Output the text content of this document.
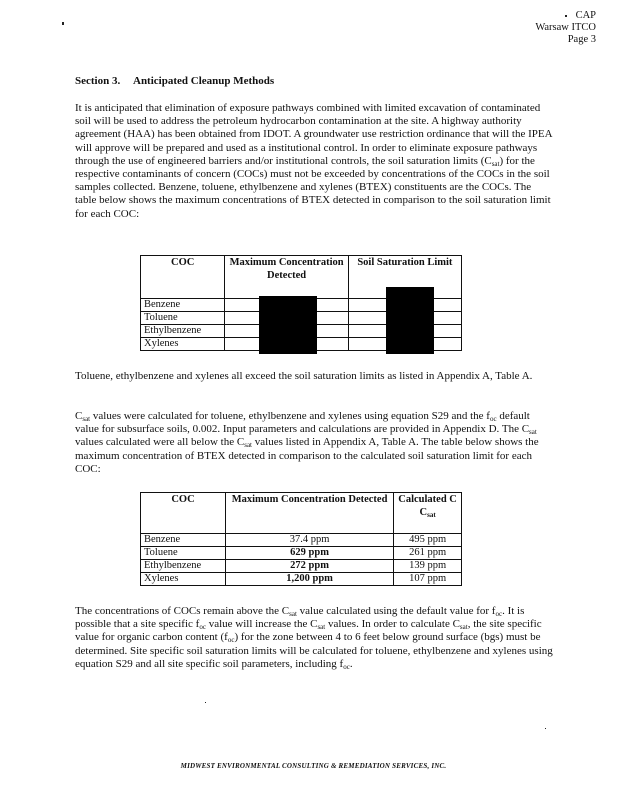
CAP
Warsaw ITCO
Page 3
Section 3. Anticipated Cleanup Methods

It is anticipated that elimination of exposure pathways combined with limited excavation of contaminated soil will be used to address the petroleum hydrocarbon contamination at the site. A highway authority agreement (HAA) has been obtained from IDOT. A groundwater use restriction ordinance that will the IPEA will approve will be prepared and used as a institutional control. In order to eliminate exposure pathways through the use of engineered barriers and/or institutional controls, the soil saturation limits $(C_{sat})$ for the respective contaminants of concern (COCs) must not be exceeded by concentrations of the COCs in the soil samples collected. Benzene, toluene, ethylbenzene and xylenes (BTEX) constituents are the COCs. The table below shows the maximum concentrations of BTEX detected in comparison to the soil saturation limit for each COC:

COC	Maximum Concentration Detected	Soil Saturation Limit
Benzene		
Toluene		
Ethylbenzene		
Xylenes		

Toluene, ethylbenzene and xylenes all exceed the soil saturation limits as listed in Appendix A, Table A.

$C_{sat}$ values were calculated for toluene, ethylbenzene and xylenes using equation S29 and the $f_{oc}$ default value for subsurface soils, 0.002. Input parameters and calculations are provided in Appendix D. The $C_{sat}$ values calculated were all below the $C_{sat}$ values listed in Appendix A, Table A. The table below shows the maximum concentration of BTEX detected in comparison to the calculated soil saturation limit for each COC:

COC	Maximum Concentration Detected	Calculated C
$C_{sat}$
Benzene	37.4 ppm	495 ppm
Toluene	629 ppm	261 ppm
Ethylbenzene	272 ppm	139 ppm
Xylenes	1,200 ppm	107 ppm

The concentrations of COCs remain above the $C_{sat}$ value calculated using the default value for $f_{oc}$. It is possible that a site specific $f_{oc}$ value will increase the $C_{sat}$ values. In order to calculate $C_{sat}$, the site specific value for organic carbon content $(f_{oc})$ for the zone between 4 to 6 feet below ground surface (bgs) must be determined. Site specific soil saturation limits will be calculated for toluene, ethylbenzene and xylenes using equation S29 and all site specific soil parameters, including $f_{oc}$.

MIDWEST ENVIRONMENTAL CONSULTING & REMEDIATION SERVICES, INC.
